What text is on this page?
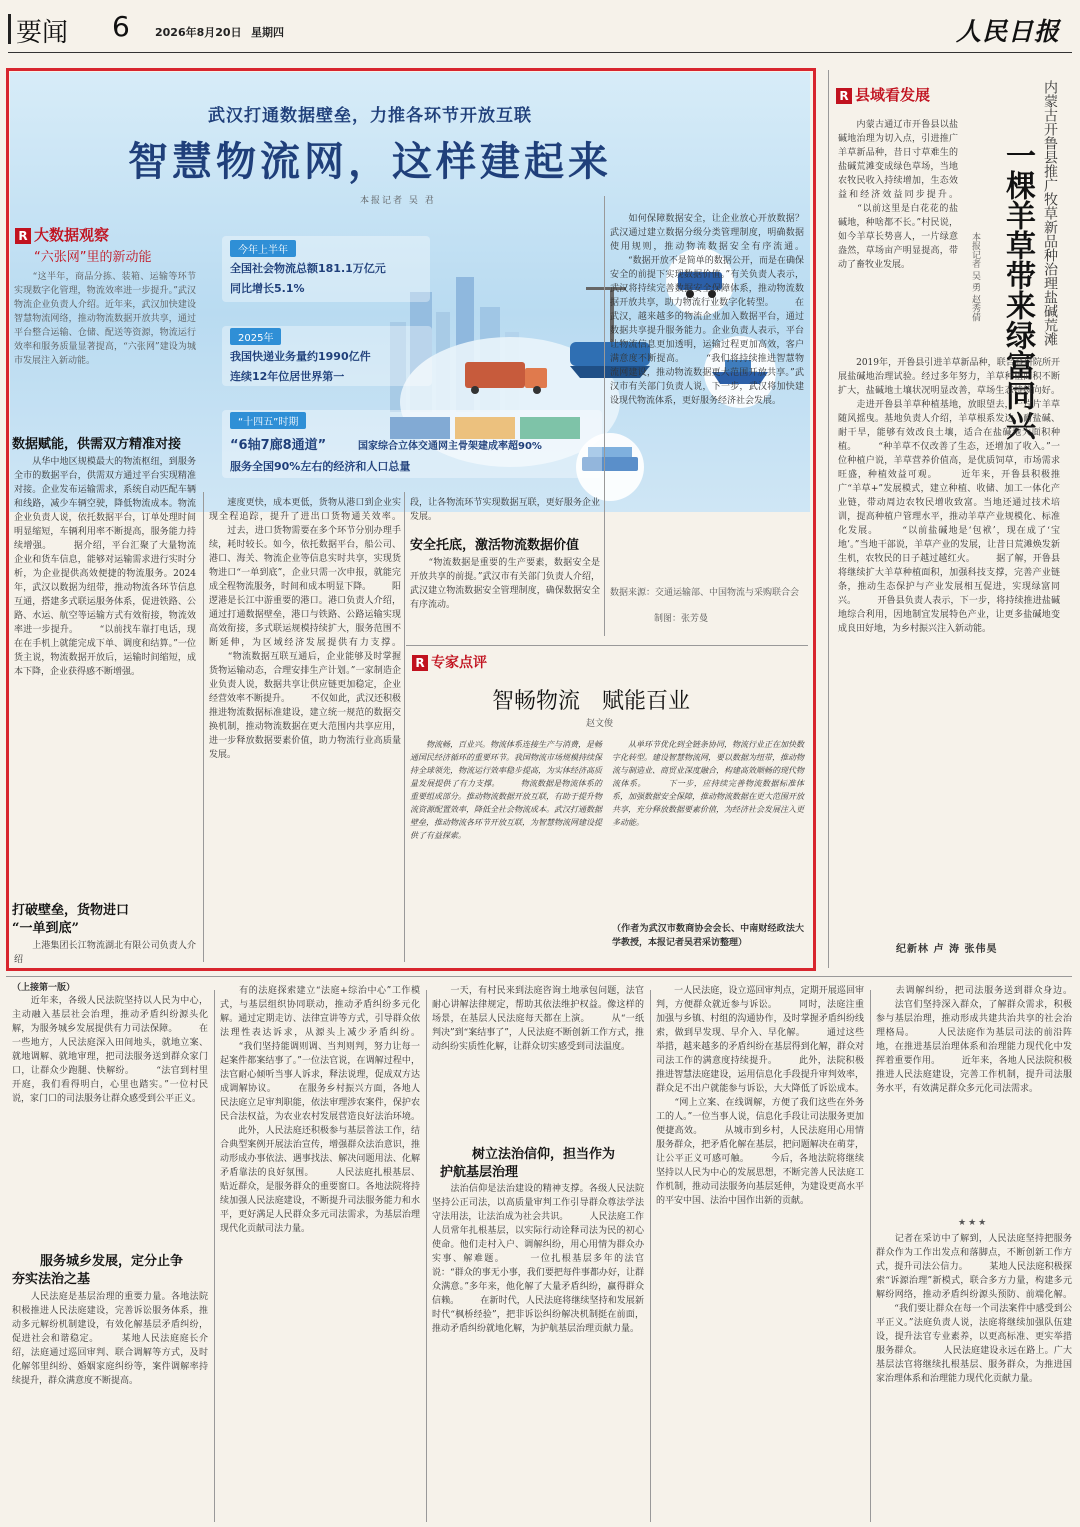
要闻 6 2026年8月20日 星期四	人民日报
武汉打通数据壁垒，力推各环节开放互联
智慧物流网，这样建起来
本报记者 吴 君
R 大数据观察
“六张网”里的新动能	今年上半年
全国社会物流总额181.1万亿元
同比增长5.1%
2025年
我国快递业务量约1990亿件
连续12年位居世界第一
“十四五”时期
“6轴7廊8通道”	国家综合立体交通网主骨架建成率超90%
服务全国90%左右的经济和人口总量
　　“这半年，商品分拣、装箱、运输等环节实现数字化管理，物流效率进一步提升。”武汉物流企业负责人介绍。近年来，武汉加快建设智慧物流网络，推动物流数据开放共享，通过平台整合运输、仓储、配送等资源，物流运行效率和服务质量显著提高，“六张网”建设为城市发展注入新动能。
数据赋能，供需双方精准对接
　　从华中地区规模最大的物流枢纽，到服务全市的数据平台，供需双方通过平台实现精准对接。企业发布运输需求，系统自动匹配车辆和线路，减少车辆空驶，降低物流成本。物流企业负责人说，依托数据平台，订单处理时间明显缩短，车辆利用率不断提高，服务能力持续增强。 　　据介绍，平台汇聚了大量物流企业和货车信息，能够对运输需求进行实时分析，为企业提供高效便捷的物流服务。2024年，武汉以数据为纽带，推动物流各环节信息互通，搭建多式联运服务体系，促进铁路、公路、水运、航空等运输方式有效衔接，物流效率进一步提升。 　　“以前找车靠打电话，现在在手机上就能完成下单、调度和结算。”一位货主说，物流数据开放后，运输时间缩短，成本下降，企业获得感不断增强。
打破壁垒，货物进口
“一单到底”
　　上港集团长江物流湖北有限公司负责人介绍
　　速度更快，成本更低，货物从港口到企业实现全程追踪，提升了进出口货物通关效率。 　　过去，进口货物需要在多个环节分别办理手续，耗时较长。如今，依托数据平台，船公司、港口、海关、物流企业等信息实时共享，实现货物进口“一单到底”，企业只需一次申报，就能完成全程物流服务，时间和成本明显下降。 　　阳逻港是长江中游重要的港口。港口负责人介绍，通过打通数据壁垒，港口与铁路、公路运输实现高效衔接，多式联运规模持续扩大，服务范围不断延伸，为区域经济发展提供有力支撑。 　　“物流数据互联互通后，企业能够及时掌握货物运输动态，合理安排生产计划。”一家制造企业负责人说，数据共享让供应链更加稳定，企业经营效率不断提升。 　　不仅如此，武汉还积极推进物流数据标准建设，建立统一规范的数据交换机制，推动物流数据在更大范围内共享应用，进一步释放数据要素价值，助力物流行业高质量发展。
段，让各物流环节实现数据互联，更好服务企业发展。
安全托底，激活物流数据价值
　　“物流数据是重要的生产要素，数据安全是开放共享的前提。”武汉市有关部门负责人介绍，武汉建立物流数据安全管理制度，确保数据安全有序流动。
　　如何保障数据安全，让企业放心开放数据？武汉通过建立数据分级分类管理制度，明确数据使用规则，推动物流数据安全有序流通。 　　“数据开放不是简单的数据公开，而是在确保安全的前提下实现数据价值。”有关负责人表示，武汉将持续完善数据安全保障体系，推动物流数据开放共享，助力物流行业数字化转型。 　　在武汉，越来越多的物流企业加入数据平台，通过数据共享提升服务能力。企业负责人表示，平台让物流信息更加透明，运输过程更加高效，客户满意度不断提高。 　　“我们将持续推进智慧物流网建设，推动物流数据更大范围开放共享。”武汉市有关部门负责人说，下一步，武汉将加快建设现代物流体系，更好服务经济社会发展。
数据来源：交通运输部、中国物流与采购联合会
制图：张芳曼
R 专家点评
智畅物流　赋能百业
赵文俊
　　物流畅，百业兴。物流体系连接生产与消费，是畅通国民经济循环的重要环节。我国物流市场规模持续保持全球领先，物流运行效率稳步提高，为实体经济高质量发展提供了有力支撑。 　　物流数据是物流体系的重要组成部分。推动物流数据开放互联，有助于提升物流资源配置效率，降低全社会物流成本。武汉打通数据壁垒，推动物流各环节开放互联，为智慧物流网建设提供了有益探索。
　　从单环节优化到全链条协同，物流行业正在加快数字化转型。建设智慧物流网，要以数据为纽带，推动物流与制造业、商贸业深度融合，构建高效顺畅的现代物流体系。 　　下一步，应持续完善物流数据标准体系，加强数据安全保障，推动物流数据在更大范围开放共享，充分释放数据要素价值，为经济社会发展注入更多动能。
（作者为武汉市数商协会会长、中南财经政法大学教授，本报记者吴君采访整理）
R 县域看发展
一棵羊草带来绿富同兴 内蒙古开鲁县推广牧草新品种治理盐碱荒滩
本报记者 吴 勇 赵秀倩
　　内蒙古通辽市开鲁县以盐碱地治理为切入点，引进推广羊草新品种，昔日寸草难生的盐碱荒滩变成绿色草场，当地农牧民收入持续增加，生态效益和经济效益同步提升。 　　“以前这里是白花花的盐碱地，种啥都不长。”村民说，如今羊草长势喜人，一片绿意盎然，草场亩产明显提高，带动了畜牧业发展。
　　2019年，开鲁县引进羊草新品种，联合科研院所开展盐碱地治理试验。经过多年努力，羊草种植面积不断扩大，盐碱地土壤状况明显改善，草场生态持续向好。 　　走进开鲁县羊草种植基地，放眼望去，一片片羊草随风摇曳。基地负责人介绍，羊草根系发达，耐盐碱、耐干旱，能够有效改良土壤，适合在盐碱地大面积种植。 　　“种羊草不仅改善了生态，还增加了收入。”一位种植户说，羊草营养价值高，是优质饲草，市场需求旺盛，种植效益可观。 　　近年来，开鲁县积极推广“羊草+”发展模式，建立种植、收储、加工一体化产业链，带动周边农牧民增收致富。当地还通过技术培训，提高种植户管理水平，推动羊草产业规模化、标准化发展。 　　“以前盐碱地是‘包袱’，现在成了‘宝地’。”当地干部说，羊草产业的发展，让昔日荒滩焕发新生机，农牧民的日子越过越红火。 　　据了解，开鲁县将继续扩大羊草种植面积，加强科技支撑，完善产业链条，推动生态保护与产业发展相互促进，实现绿富同兴。 　　开鲁县负责人表示，下一步，将持续推进盐碱地综合利用，因地制宜发展特色产业，让更多盐碱地变成良田好地，为乡村振兴注入新动能。
纪新林 卢 涛 张伟昊
（上接第一版）
　　近年来，各级人民法院坚持以人民为中心，主动融入基层社会治理，推动矛盾纠纷源头化解，为服务城乡发展提供有力司法保障。 　　在一些地方，人民法庭深入田间地头，就地立案、就地调解、就地审理，把司法服务送到群众家门口，让群众少跑腿、快解纷。 　　“法官到村里开庭，我们看得明白，心里也踏实。”一位村民说，家门口的司法服务让群众感受到公平正义。
服务城乡发展，定分止争
夯实法治之基
　　人民法庭是基层治理的重要力量。各地法院积极推进人民法庭建设，完善诉讼服务体系，推动多元解纷机制建设，有效化解基层矛盾纠纷，促进社会和谐稳定。 　　某地人民法庭庭长介绍，法庭通过巡回审判、联合调解等方式，及时化解邻里纠纷、婚姻家庭纠纷等，案件调解率持续提升，群众满意度不断提高。
　　有的法庭探索建立“法庭+综治中心”工作模式，与基层组织协同联动，推动矛盾纠纷多元化解。通过定期走访、法律宣讲等方式，引导群众依法理性表达诉求，从源头上减少矛盾纠纷。 　　“我们坚持能调则调、当判则判，努力让每一起案件都案结事了。”一位法官说，在调解过程中，法官耐心倾听当事人诉求，释法说理，促成双方达成调解协议。 　　在服务乡村振兴方面，各地人民法庭立足审判职能，依法审理涉农案件，保护农民合法权益，为农业农村发展营造良好法治环境。 　　此外，人民法庭还积极参与基层普法工作，结合典型案例开展法治宣传，增强群众法治意识，推动形成办事依法、遇事找法、解决问题用法、化解矛盾靠法的良好氛围。 　　人民法庭扎根基层、贴近群众，是服务群众的重要窗口。各地法院将持续加强人民法庭建设，不断提升司法服务能力和水平，更好满足人民群众多元司法需求，为基层治理现代化贡献司法力量。
　　一天，有村民来到法庭咨询土地承包问题，法官耐心讲解法律规定，帮助其依法维护权益。像这样的场景，在基层人民法庭每天都在上演。 　　从“一纸判决”到“案结事了”，人民法庭不断创新工作方式，推动纠纷实质性化解，让群众切实感受到司法温度。
树立法治信仰，担当作为
护航基层治理
　　法治信仰是法治建设的精神支撑。各级人民法院坚持公正司法，以高质量审判工作引导群众尊法学法守法用法，让法治成为社会共识。 　　人民法庭工作人员常年扎根基层，以实际行动诠释司法为民的初心使命。他们走村入户、调解纠纷，用心用情为群众办实事、解难题。 　　一位扎根基层多年的法官说：“群众的事无小事，我们要把每件事都办好，让群众满意。”多年来，他化解了大量矛盾纠纷，赢得群众信赖。 　　在新时代，人民法庭将继续坚持和发展新时代“枫桥经验”，把非诉讼纠纷解决机制挺在前面，推动矛盾纠纷就地化解，为护航基层治理贡献力量。
　　一人民法庭，设立巡回审判点，定期开展巡回审判，方便群众就近参与诉讼。 　　同时，法庭注重加强与乡镇、村组的沟通协作，及时掌握矛盾纠纷线索，做到早发现、早介入、早化解。 　　通过这些举措，越来越多的矛盾纠纷在基层得到化解，群众对司法工作的满意度持续提升。 　　此外，法院积极推进智慧法庭建设，运用信息化手段提升审判效率，群众足不出户就能参与诉讼，大大降低了诉讼成本。 　　“网上立案、在线调解，方便了我们这些在外务工的人。”一位当事人说，信息化手段让司法服务更加便捷高效。 　　从城市到乡村，人民法庭用心用情服务群众，把矛盾化解在基层，把问题解决在萌芽，让公平正义可感可触。 　　今后，各地法院将继续坚持以人民为中心的发展思想，不断完善人民法庭工作机制，推动司法服务向基层延伸，为建设更高水平的平安中国、法治中国作出新的贡献。
　　去调解纠纷，把司法服务送到群众身边。 　　法官们坚持深入群众，了解群众需求，积极参与基层治理，推动形成共建共治共享的社会治理格局。 　　人民法庭作为基层司法的前沿阵地，在推进基层治理体系和治理能力现代化中发挥着重要作用。 　　近年来，各地人民法院积极推进人民法庭建设，完善工作机制，提升司法服务水平，有效满足群众多元化司法需求。
★★★
　　记者在采访中了解到，人民法庭坚持把服务群众作为工作出发点和落脚点，不断创新工作方式，提升司法公信力。 　　某地人民法庭积极探索“诉源治理”新模式，联合多方力量，构建多元解纷网络，推动矛盾纠纷源头预防、前端化解。 　　“我们要让群众在每一个司法案件中感受到公平正义。”法庭负责人说，法庭将继续加强队伍建设，提升法官专业素养，以更高标准、更实举措服务群众。 　　人民法庭建设永远在路上。广大基层法官将继续扎根基层、服务群众，为推进国家治理体系和治理能力现代化贡献力量。
